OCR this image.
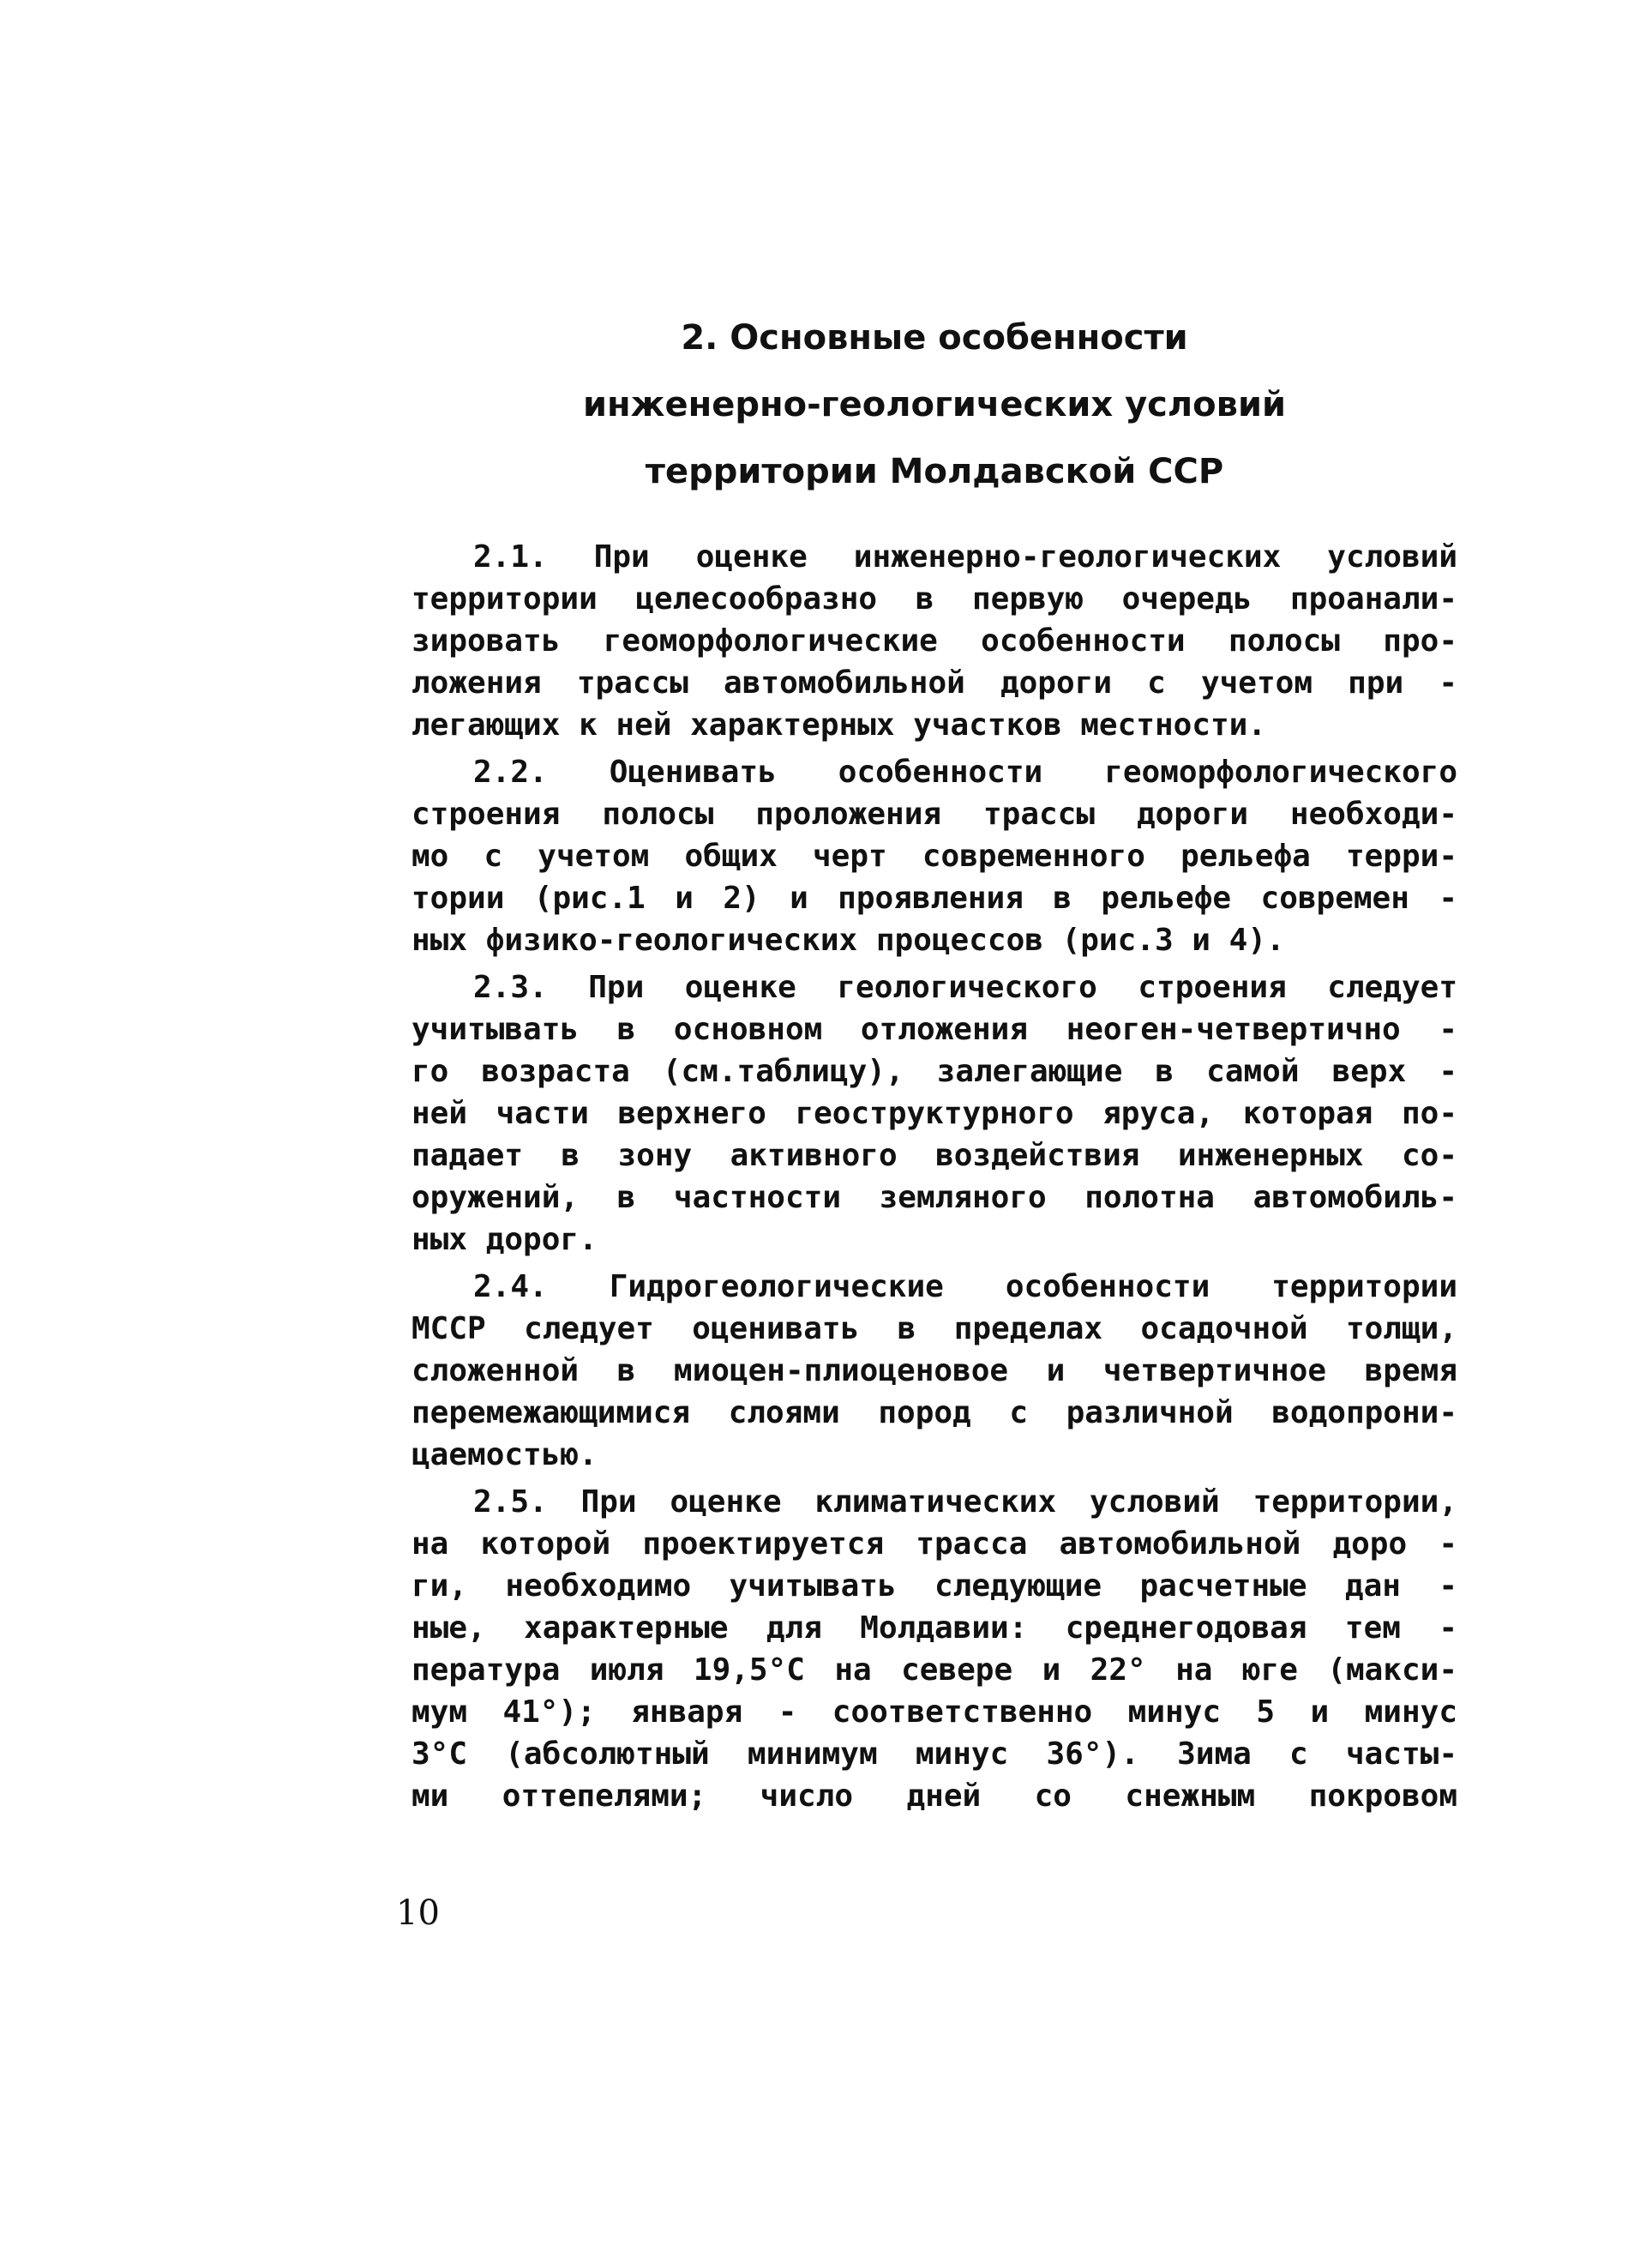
2. Основные особенности
инженерно-геологических условий
территории Молдавской ССР
2.1. При оценке инженерно-геологических условий
территории целесообразно в первую очередь проанали-
зировать геоморфологические особенности полосы про-
ложения трассы автомобильной дороги с учетом при -
легающих к ней характерных участков местности.
2.2. Оценивать особенности геоморфологического
строения полосы проложения трассы дороги необходи-
мо с учетом общих черт современного рельефа терри-
тории (рис.1 и 2) и проявления в рельефе современ -
ных физико-геологических процессов (рис.3 и 4).
2.3. При оценке геологического строения следует
учитывать в основном отложения неоген-четвертично -
го возраста (см.таблицу), залегающие в самой верх -
ней части верхнего геоструктурного яруса, которая по-
падает в зону активного воздействия инженерных со-
оружений, в частности земляного полотна автомобиль-
ных дорог.
2.4. Гидрогеологические особенности территории
МССР следует оценивать в пределах осадочной толщи,
сложенной в миоцен-плиоценовое и четвертичное время
перемежающимися слоями пород с различной водопрони-
цаемостью.
2.5. При оценке климатических условий территории,
на которой проектируется трасса автомобильной доро -
ги, необходимо учитывать следующие расчетные дан -
ные, характерные для Молдавии: среднегодовая тем -
пература июля 19,5°С на севере и 22° на юге (макси-
мум 41°); января - соответственно минус 5 и минус
3°С (абсолютный минимум минус 36°). Зима с часты-
ми оттепелями; число дней со снежным покровом
10
